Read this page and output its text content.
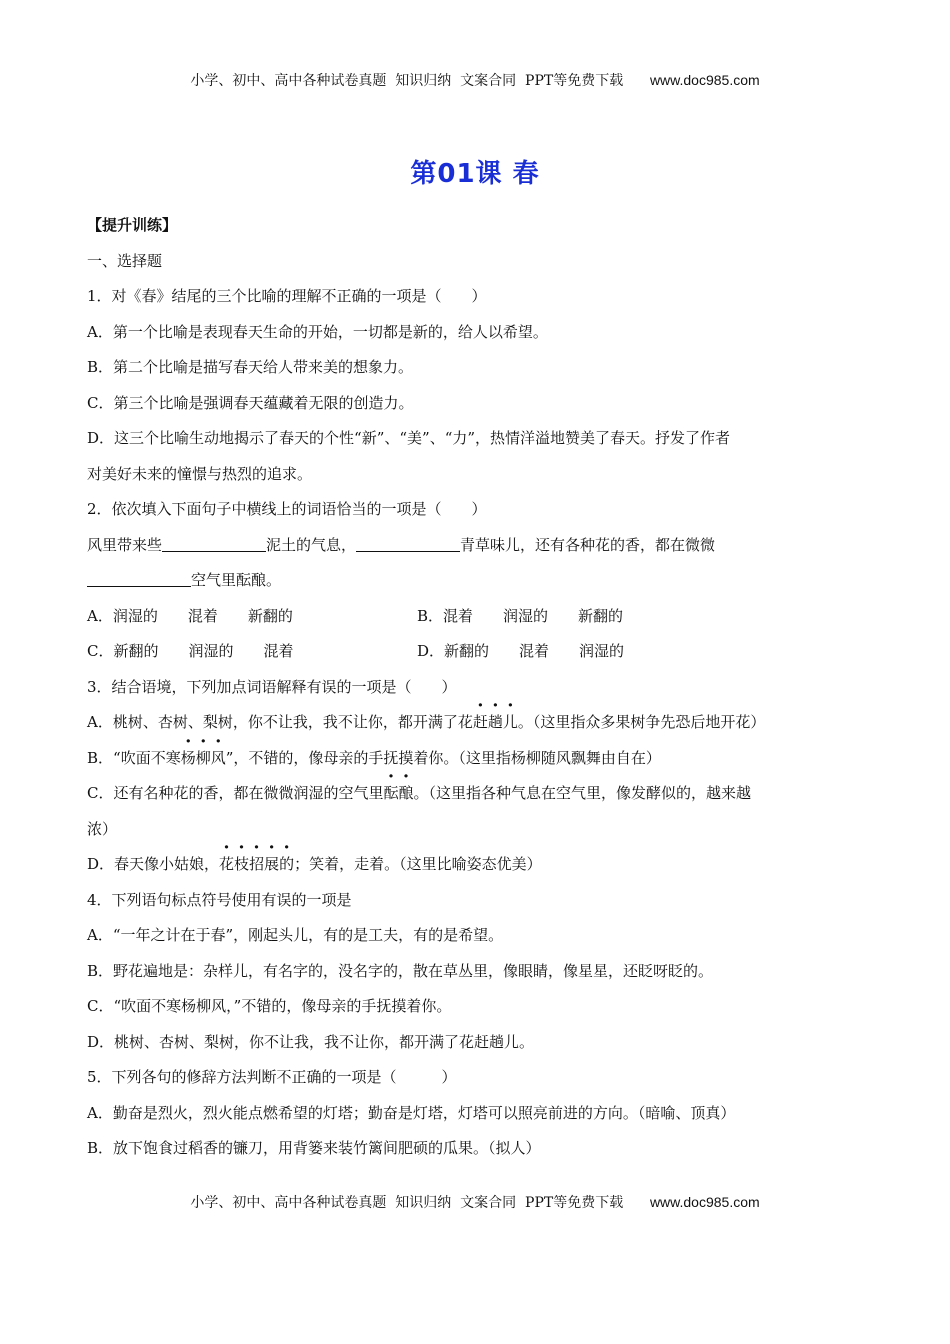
小学、初中、高中各种试卷真题  知识归纳  文案合同  PPT等免费下载 www.doc985.com
第01课 春
【提升训练】
一、选择题
1．对《春》结尾的三个比喻的理解不正确的一项是（　　）
A．第一个比喻是表现春天生命的开始，一切都是新的，给人以希望。
B．第二个比喻是描写春天给人带来美的想象力。
C．第三个比喻是强调春天蕴藏着无限的创造力。
D．这三个比喻生动地揭示了春天的个性“新”、“美”、“力”，热情洋溢地赞美了春天。抒发了作者
对美好未来的憧憬与热烈的追求。
2．依次填入下面句子中横线上的词语恰当的一项是（　　）
风里带来些	泥土的气息，	青草味儿，还有各种花的香，都在微微
空气里酝酿。
A．润湿的　　混着　　新翻的	B．混着　　润湿的　　新翻的
C．新翻的　　润湿的　　混着	D．新翻的　　混着　　润湿的
3．结合语境，下列加点词语解释有误的一项是（　　）
A．桃树、杏树、梨树，你不让我，我不让你，都开满了花赶趟儿。（这里指众多果树争先恐后地开花）
B．“吹面不寒杨柳风”，不错的，像母亲的手抚摸着你。（这里指杨柳随风飘舞由自在）
C．还有名种花的香，都在微微润湿的空气里酝酿。（这里指各种气息在空气里，像发酵似的，越来越
浓）
D．春天像小姑娘，花枝招展的；笑着，走着。（这里比喻姿态优美）
4．下列语句标点符号使用有误的一项是
A．“一年之计在于春”，刚起头儿，有的是工夫，有的是希望。
B．野花遍地是：杂样儿，有名字的，没名字的，散在草丛里，像眼睛，像星星，还眨呀眨的。
C．“吹面不寒杨柳风，”不错的，像母亲的手抚摸着你。
D．桃树、杏树、梨树，你不让我，我不让你，都开满了花赶趟儿。
5．下列各句的修辞方法判断不正确的一项是（　　　）
A．勤奋是烈火，烈火能点燃希望的灯塔；勤奋是灯塔，灯塔可以照亮前进的方向。（暗喻、顶真）
B．放下饱食过稻香的镰刀，用背篓来装竹篱间肥硕的瓜果。（拟人）
小学、初中、高中各种试卷真题  知识归纳  文案合同  PPT等免费下载 www.doc985.com
